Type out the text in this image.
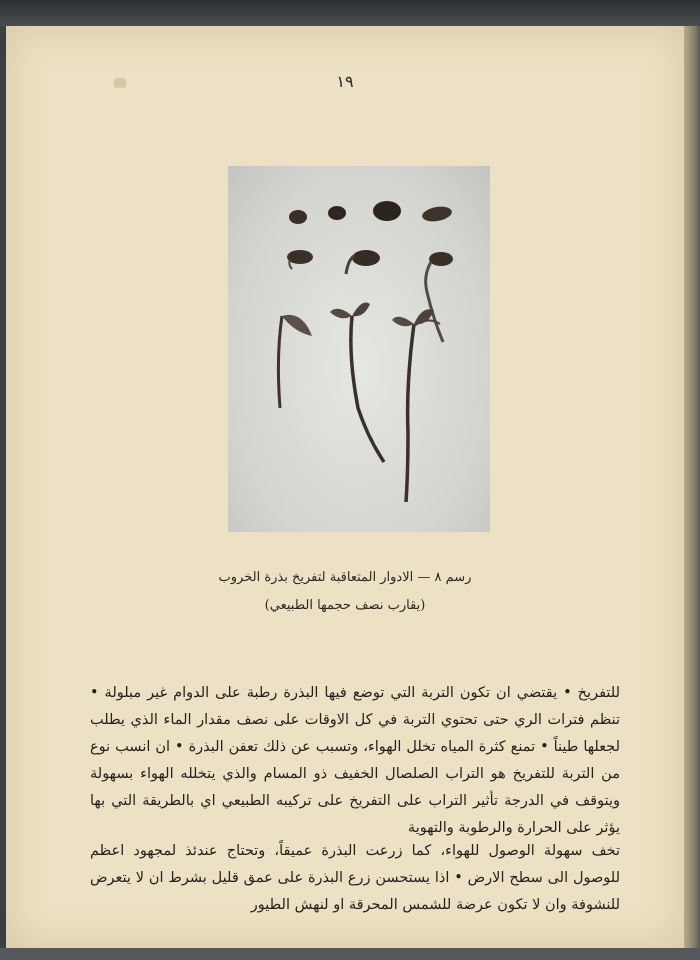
١٩
رسم ٨ — الادوار المتعاقبة لتفريخ بذرة الخروب
(يقارب نصف حجمها الطبيعي)
للتفريخ • يقتضي ان تكون التربة التي توضع فيها البذرة رطبة على الدوام غير مبلولة • تنظم فترات الري حتى تحتوي التربة في كل الاوقات على نصف مقدار الماء الذي يطلب لجعلها طيناً • تمنع كثرة المياه تخلل الهواء، وتسبب عن ذلك تعفن البذرة • ان انسب نوع من التربة للتفريخ هو التراب الصلصال الخفيف ذو المسام والذي يتخلله الهواء بسهولة ويتوقف في الدرجة تأثير التراب على التفريخ على تركيبه الطبيعي اي بالطريقة التي بها يؤثر على الحرارة والرطوبة والتهوية
تخف سهولة الوصول للهواء، كما زرعت البذرة عميقاً، وتحتاج عندئذ لمجهود اعظم للوصول الى سطح الارض • اذا يستحسن زرع البذرة على عمق قليل بشرط ان لا يتعرض للنشوفة وان لا تكون عرضة للشمس المحرقة او لنهش الطيور
